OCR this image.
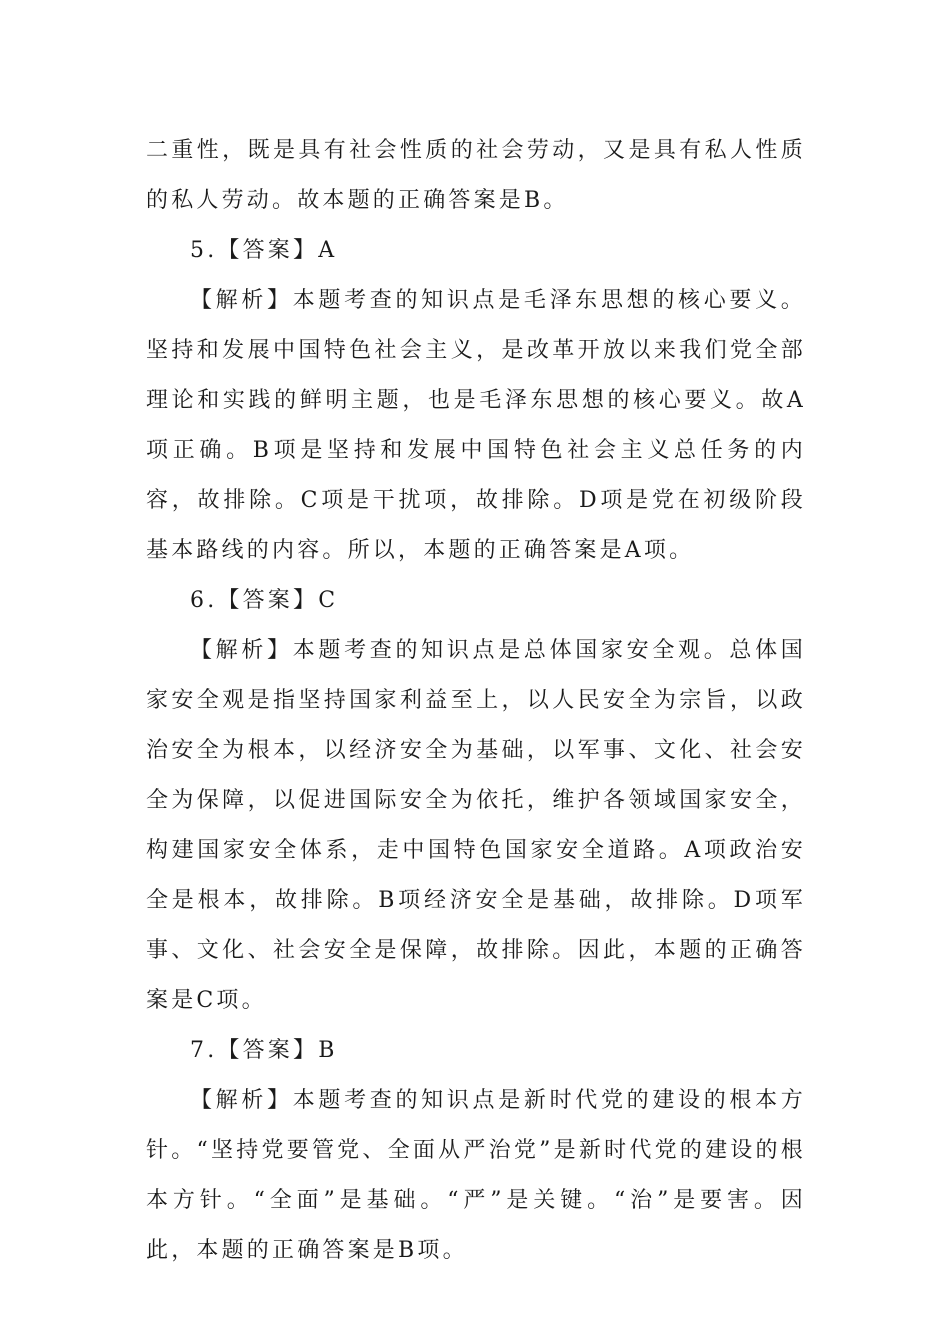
二重性，既是具有社会性质的社会劳动，又是具有私人性质的私人劳动。故本题的正确答案是B。

5.【答案】A

【解析】本题考查的知识点是毛泽东思想的核心要义。坚持和发展中国特色社会主义，是改革开放以来我们党全部理论和实践的鲜明主题，也是毛泽东思想的核心要义。故A项正确。B项是坚持和发展中国特色社会主义总任务的内容，故排除。C项是干扰项，故排除。D项是党在初级阶段基本路线的内容。所以，本题的正确答案是A项。

6.【答案】C

【解析】本题考查的知识点是总体国家安全观。总体国家安全观是指坚持国家利益至上，以人民安全为宗旨，以政治安全为根本，以经济安全为基础，以军事、文化、社会安全为保障，以促进国际安全为依托，维护各领域国家安全，构建国家安全体系，走中国特色国家安全道路。A项政治安全是根本，故排除。B项经济安全是基础，故排除。D项军事、文化、社会安全是保障，故排除。因此，本题的正确答案是C项。

7.【答案】B

【解析】本题考查的知识点是新时代党的建设的根本方针。“坚持党要管党、全面从严治党”是新时代党的建设的根本方针。“全面”是基础。“严”是关键。“治”是要害。因此，本题的正确答案是B项。
